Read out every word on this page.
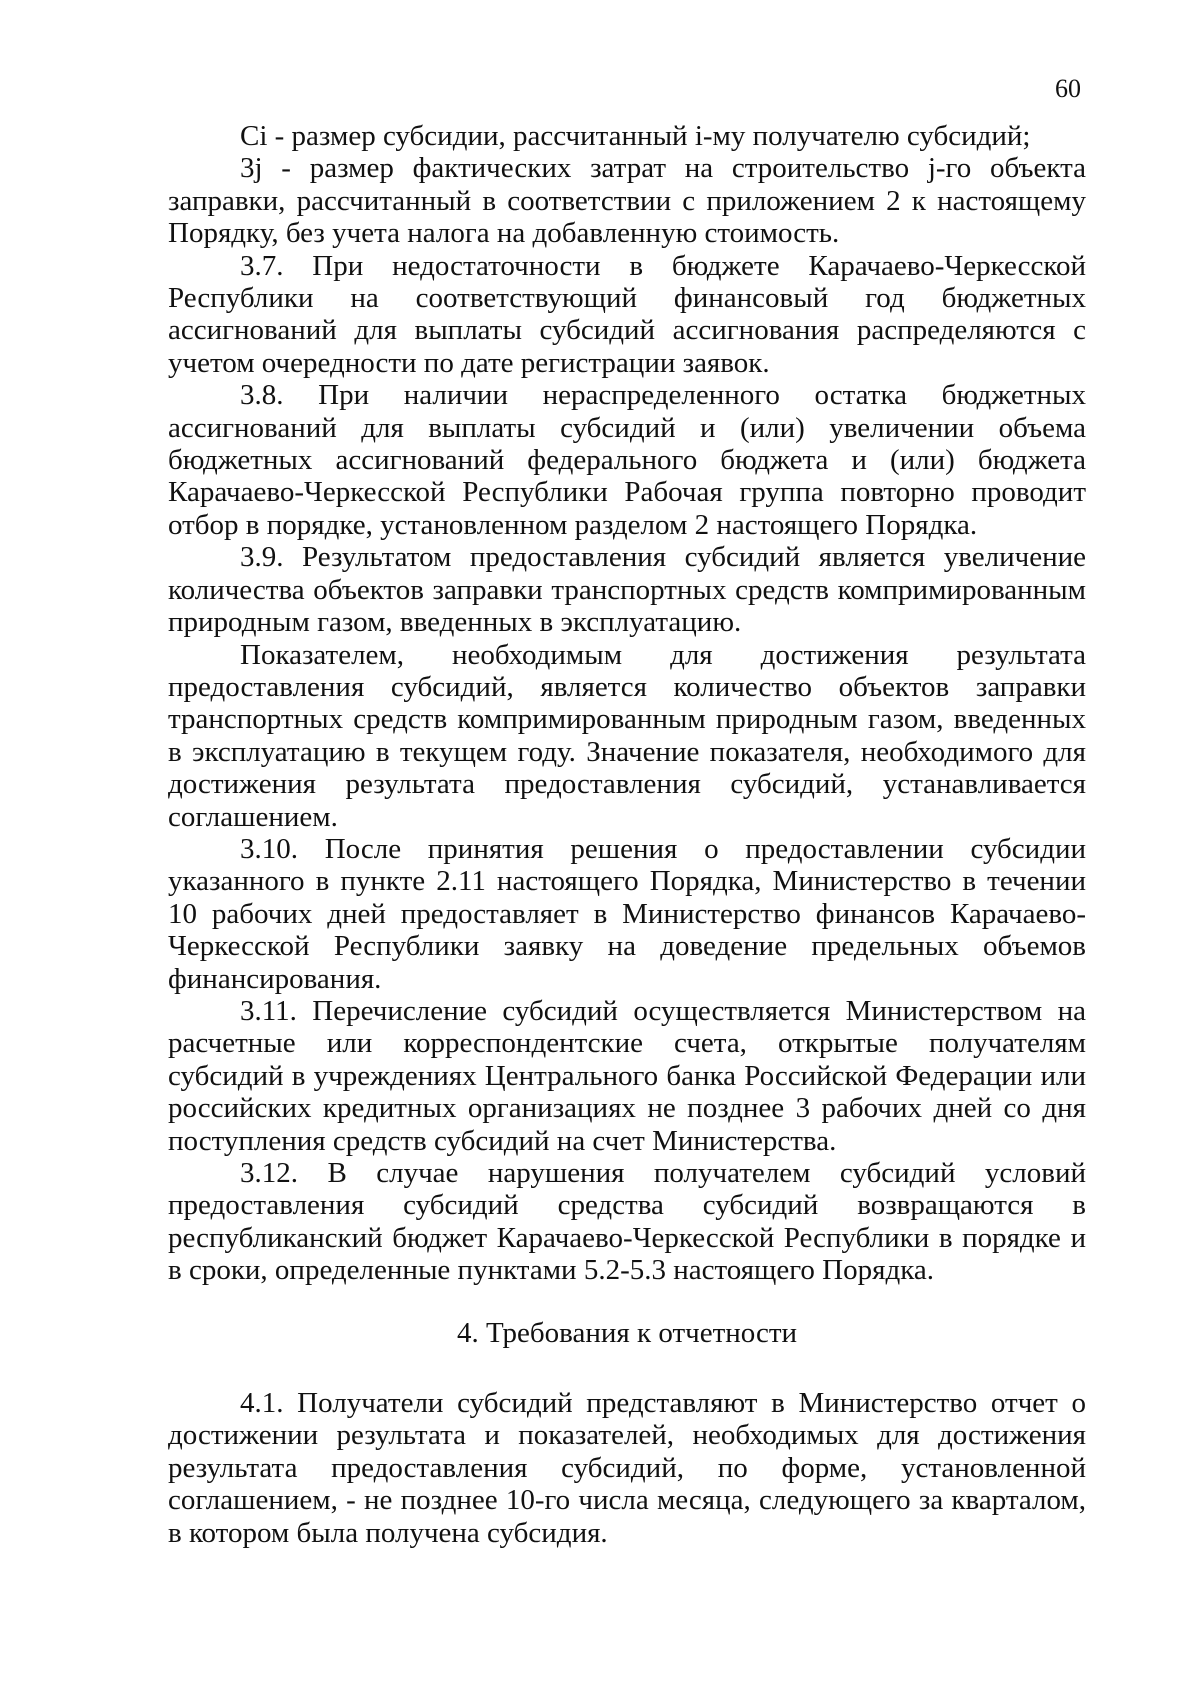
60

Ci - размер субсидии, рассчитанный i-му получателю субсидий;

3j - размер фактических затрат на строительство j-го объекта заправки, рассчитанный в соответствии с приложением 2 к настоящему Порядку, без учета налога на добавленную стоимость.

3.7. При недостаточности в бюджете Карачаево-Черкесской Республики на соответствующий финансовый год бюджетных ассигнований для выплаты субсидий ассигнования распределяются с учетом очередности по дате регистрации заявок.

3.8. При наличии нераспределенного остатка бюджетных ассигнований для выплаты субсидий и (или) увеличении объема бюджетных ассигнований федерального бюджета и (или) бюджета Карачаево-Черкесской Республики Рабочая группа повторно проводит отбор в порядке, установленном разделом 2 настоящего Порядка.

3.9. Результатом предоставления субсидий является увеличение количества объектов заправки транспортных средств компримированным природным газом, введенных в эксплуатацию.

Показателем, необходимым для достижения результата предоставления субсидий, является количество объектов заправки транспортных средств компримированным природным газом, введенных в эксплуатацию в текущем году. Значение показателя, необходимого для достижения результата предоставления субсидий, устанавливается соглашением.

3.10. После принятия решения о предоставлении субсидии указанного в пункте 2.11 настоящего Порядка, Министерство в течении 10 рабочих дней предоставляет в Министерство финансов Карачаево-Черкесской Республики заявку на доведение предельных объемов финансирования.

3.11. Перечисление субсидий осуществляется Министерством на расчетные или корреспондентские счета, открытые получателям субсидий в учреждениях Центрального банка Российской Федерации или российских кредитных организациях не позднее 3 рабочих дней со дня поступления средств субсидий на счет Министерства.

3.12. В случае нарушения получателем субсидий условий предоставления субсидий средства субсидий возвращаются в республиканский бюджет Карачаево-Черкесской Республики в порядке и в сроки, определенные пунктами 5.2-5.3 настоящего Порядка.

4. Требования к отчетности

4.1. Получатели субсидий представляют в Министерство отчет о достижении результата и показателей, необходимых для достижения результата предоставления субсидий, по форме, установленной соглашением, - не позднее 10-го числа месяца, следующего за кварталом, в котором была получена субсидия.
